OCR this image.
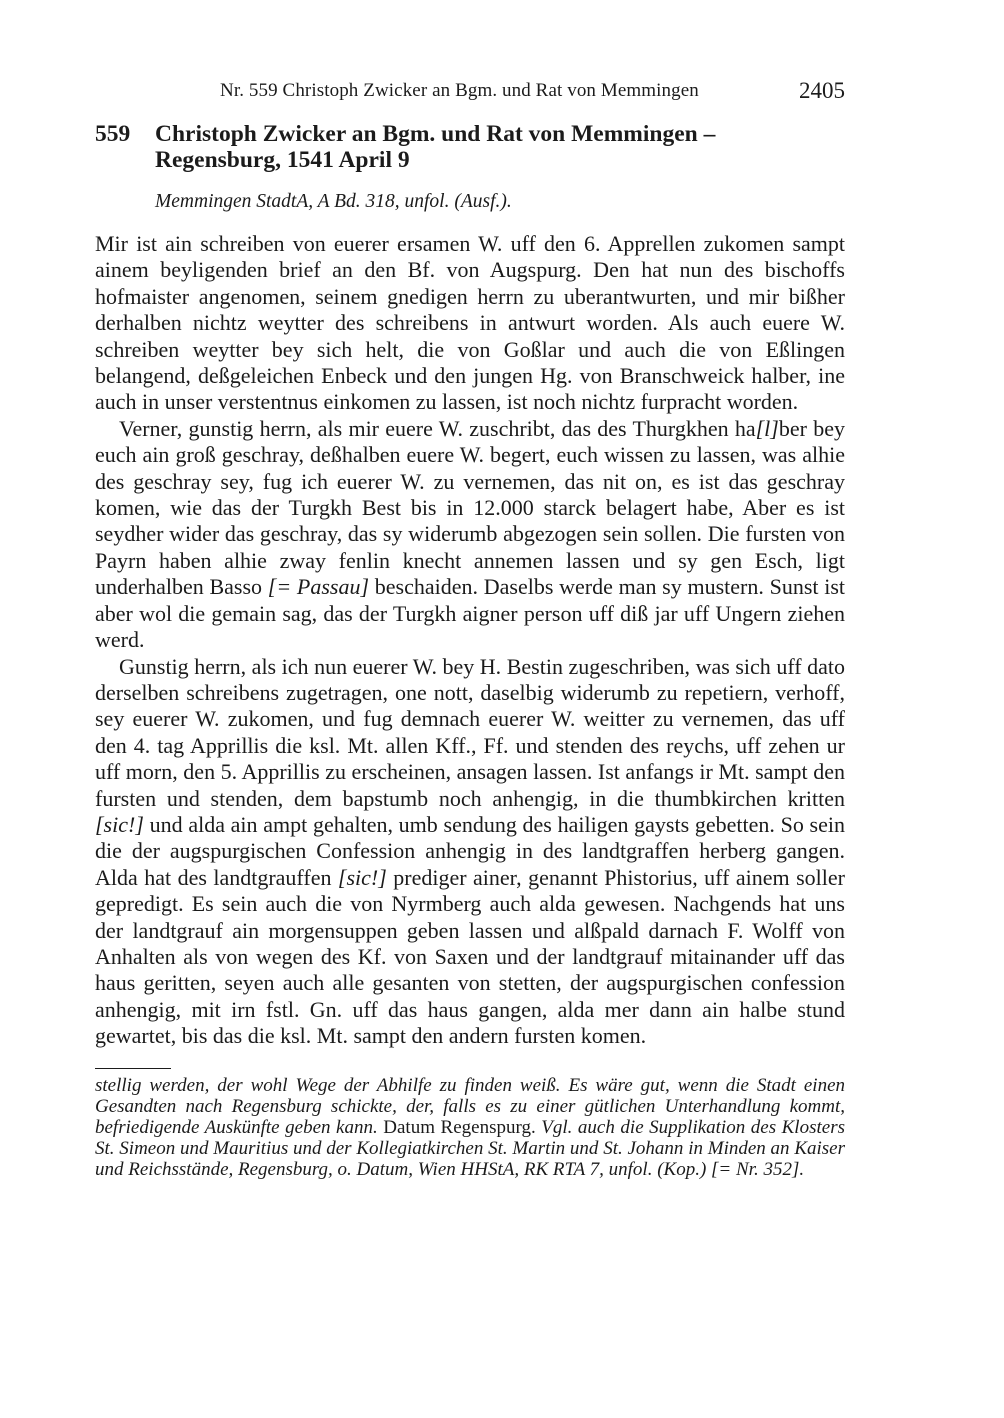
Nr. 559 Christoph Zwicker an Bgm. und Rat von Memmingen	2405
559	Christoph Zwicker an Bgm. und Rat von Memmingen – Regensburg, 1541 April 9
Memmingen StadtA, A Bd. 318, unfol. (Ausf.).

Mir ist ain schreiben von euerer ersamen W. uff den 6. Apprellen zukomen sampt ainem beyligenden brief an den Bf. von Augspurg. Den hat nun des bischoffs hofmaister angenomen, seinem gnedigen herrn zu uberantwurten, und mir bißher derhalben nichtz weytter des schreibens in antwurt worden. Als auch euere W. schreiben weytter bey sich helt, die von Goßlar und auch die von Eßlingen belangend, deßgeleichen Enbeck und den jungen Hg. von Branschweick halber, ine auch in unser verstentnus einkomen zu lassen, ist noch nichtz furpracht worden.

Verner, gunstig herrn, als mir euere W. zuschribt, das des Thurgkhen ha[l]ber bey euch ain groß geschray, deßhalben euere W. begert, euch wissen zu lassen, was alhie des geschray sey, fug ich euerer W. zu vernemen, das nit on, es ist das geschray komen, wie das der Turgkh Best bis in 12.000 starck belagert habe, Aber es ist seydher wider das geschray, das sy widerumb abgezogen sein sollen. Die fursten von Payrn haben alhie zway fenlin knecht annemen lassen und sy gen Esch, ligt underhalben Basso [= Passau] beschaiden. Daselbs werde man sy mustern. Sunst ist aber wol die gemain sag, das der Turgkh aigner person uff diß jar uff Ungern ziehen werd.

Gunstig herrn, als ich nun euerer W. bey H. Bestin zugeschriben, was sich uff dato derselben schreibens zugetragen, one nott, daselbig widerumb zu repetiern, verhoff, sey euerer W. zukomen, und fug demnach euerer W. weitter zu vernemen, das uff den 4. tag Apprillis die ksl. Mt. allen Kff., Ff. und stenden des reychs, uff zehen ur uff morn, den 5. Apprillis zu erscheinen, ansagen lassen. Ist anfangs ir Mt. sampt den fursten und stenden, dem bapstumb noch anhengig, in die thumbkirchen kritten [sic!] und alda ain ampt gehalten, umb sendung des hailigen gaysts gebetten. So sein die der augspurgischen Confession anhengig in des landtgraffen herberg gangen. Alda hat des landtgrauffen [sic!] prediger ainer, genannt Phistorius, uff ainem soller gepredigt. Es sein auch die von Nyrmberg auch alda gewesen. Nachgends hat uns der landtgrauf ain morgensuppen geben lassen und alßpald darnach F. Wolff von Anhalten als von wegen des Kf. von Saxen und der landtgrauf mitainander uff das haus geritten, seyen auch alle gesanten von stetten, der augspurgischen confession anhengig, mit irn fstl. Gn. uff das haus gangen, alda mer dann ain halbe stund gewartet, bis das die ksl. Mt. sampt den andern fursten komen.

stellig werden, der wohl Wege der Abhilfe zu finden weiß. Es wäre gut, wenn die Stadt einen Gesandten nach Regensburg schickte, der, falls es zu einer gütlichen Unterhandlung kommt, befriedigende Auskünfte geben kann. Datum Regenspurg. Vgl. auch die Supplikation des Klosters St. Simeon und Mauritius und der Kollegiatkirchen St. Martin und St. Johann in Minden an Kaiser und Reichsstände, Regensburg, o. Datum, Wien HHStA, RK RTA 7, unfol. (Kop.) [= Nr. 352].
